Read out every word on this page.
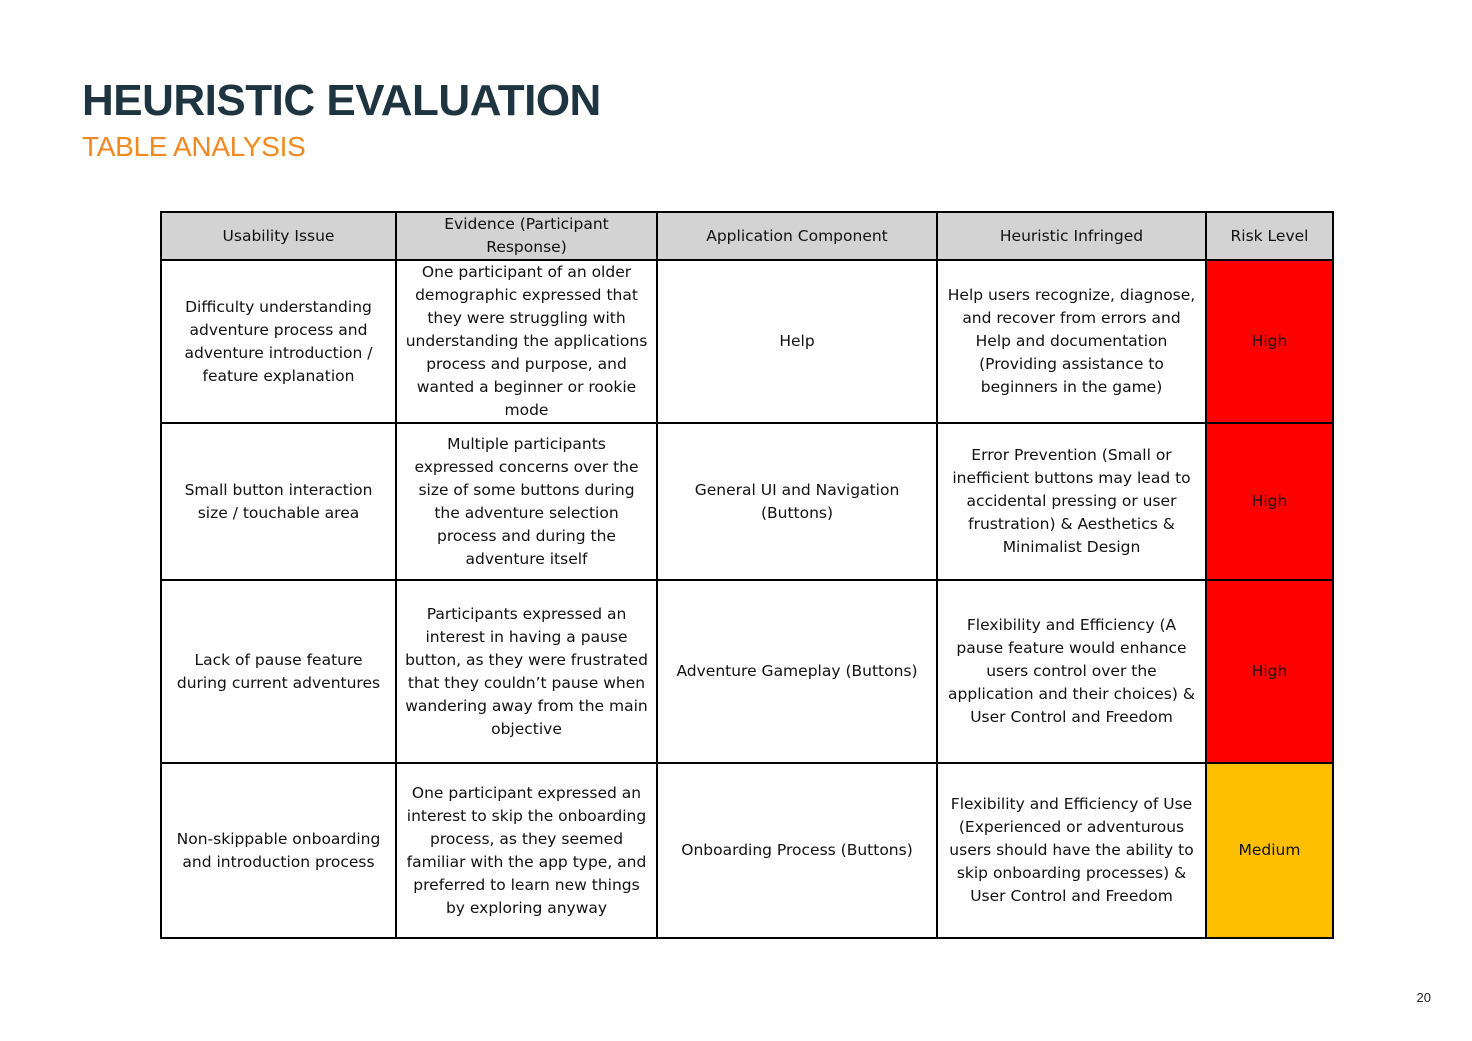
HEURISTIC EVALUATION
TABLE ANALYSIS
Usability Issue	Evidence (Participant Response)	Application Component	Heuristic Infringed	Risk Level
Difficulty understanding adventure process and adventure introduction / feature explanation	One participant of an older demographic expressed that they were struggling with understanding the applications process and purpose, and wanted a beginner or rookie mode	Help	Help users recognize, diagnose, and recover from errors and Help and documentation (Providing assistance to beginners in the game)	High
Small button interaction size / touchable area	Multiple participants expressed concerns over the size of some buttons during the adventure selection process and during the adventure itself	General UI and Navigation (Buttons)	Error Prevention (Small or inefficient buttons may lead to accidental pressing or user frustration) & Aesthetics & Minimalist Design	High
Lack of pause feature during current adventures	Participants expressed an interest in having a pause button, as they were frustrated that they couldn’t pause when wandering away from the main objective	Adventure Gameplay (Buttons)	Flexibility and Efficiency (A pause feature would enhance users control over the application and their choices) & User Control and Freedom	High
Non-skippable onboarding and introduction process	One participant expressed an interest to skip the onboarding process, as they seemed familiar with the app type, and preferred to learn new things by exploring anyway	Onboarding Process (Buttons)	Flexibility and Efficiency of Use (Experienced or adventurous users should have the ability to skip onboarding processes) & User Control and Freedom	Medium
20
